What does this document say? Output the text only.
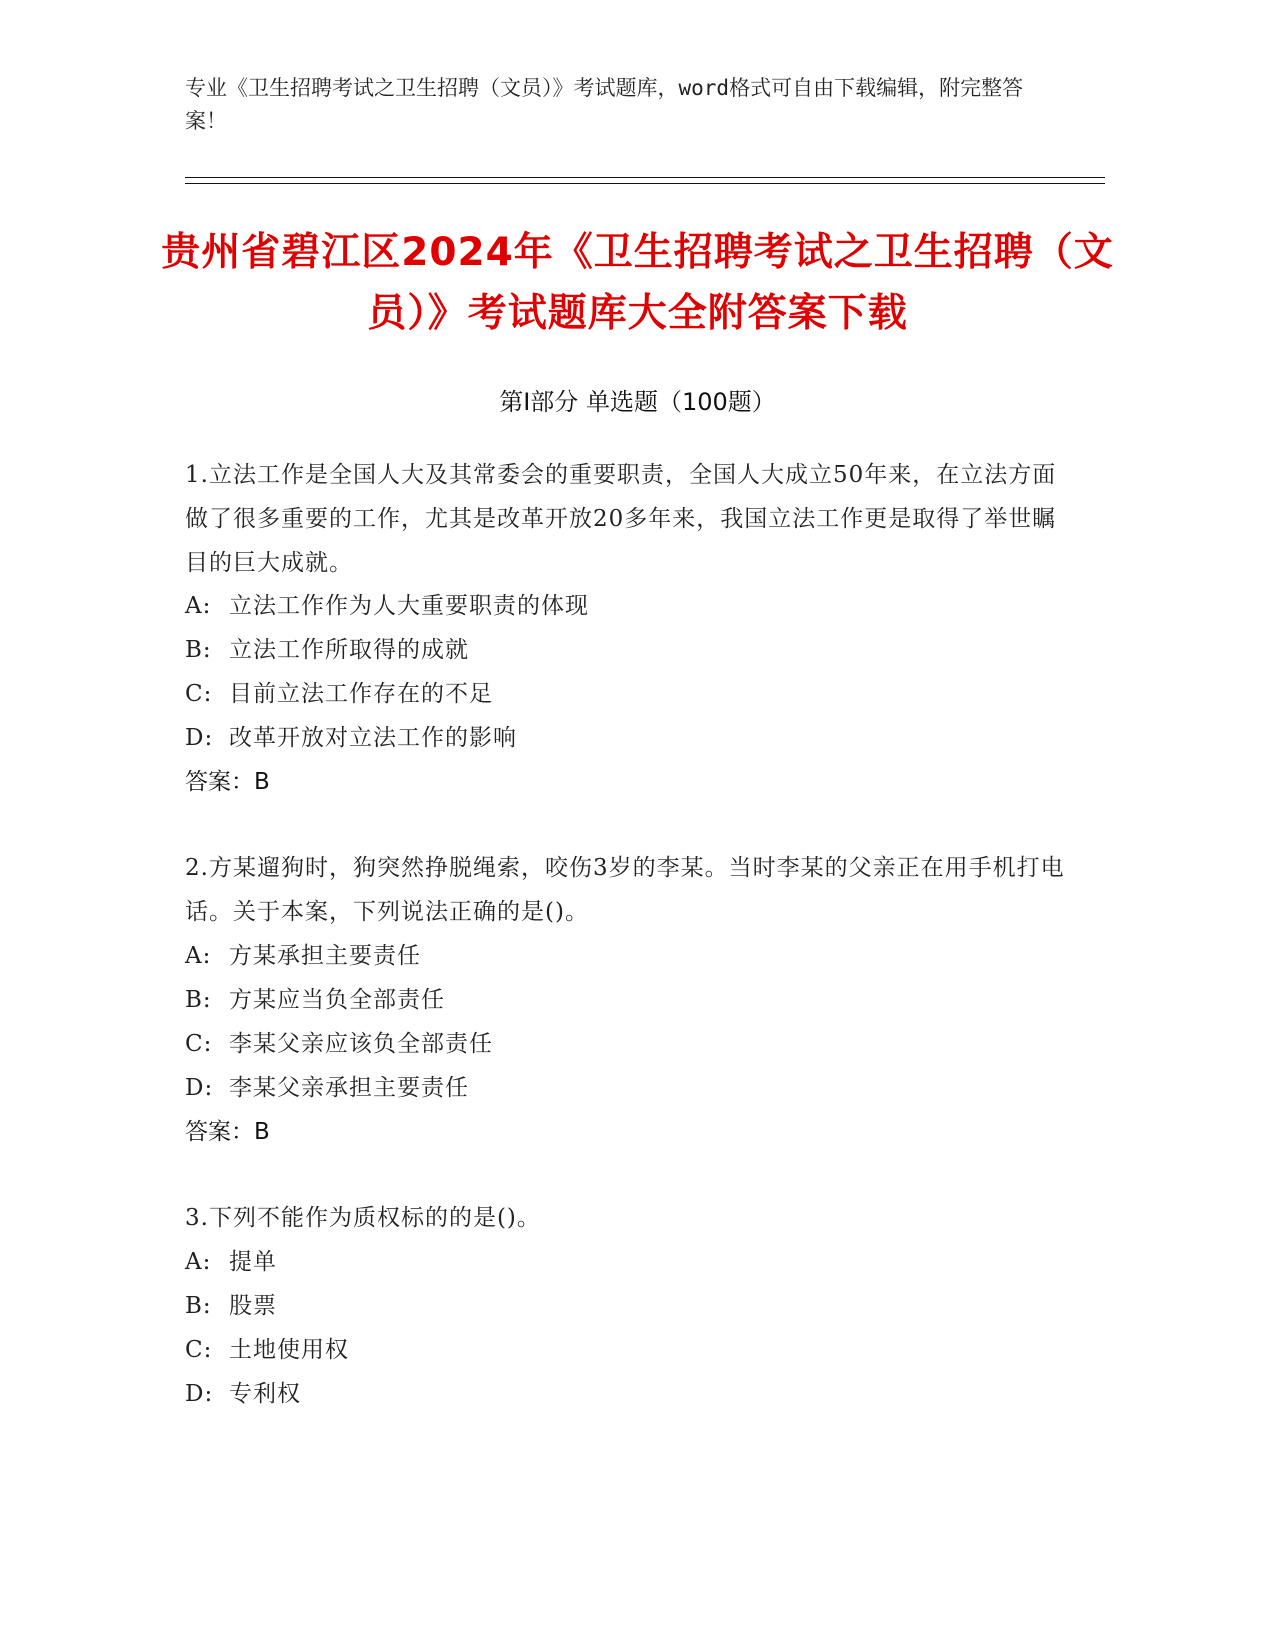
专业《卫生招聘考试之卫生招聘（文员）》考试题库，word格式可自由下载编辑，附完整答案！
贵州省碧江区2024年《卫生招聘考试之卫生招聘（文员）》考试题库大全附答案下载
第Ⅰ部分 单选题（100题）
1.立法工作是全国人大及其常委会的重要职责，全国人大成立50年来，在立法方面做了很多重要的工作，尤其是改革开放20多年来，我国立法工作更是取得了举世瞩目的巨大成就。
A: 立法工作作为人大重要职责的体现
B: 立法工作所取得的成就
C: 目前立法工作存在的不足
D: 改革开放对立法工作的影响
答案：B
2.方某遛狗时，狗突然挣脱绳索，咬伤3岁的李某。当时李某的父亲正在用手机打电话。关于本案，下列说法正确的是()。
A: 方某承担主要责任
B: 方某应当负全部责任
C: 李某父亲应该负全部责任
D: 李某父亲承担主要责任
答案：B
3.下列不能作为质权标的的是()。
A: 提单
B: 股票
C: 土地使用权
D: 专利权
